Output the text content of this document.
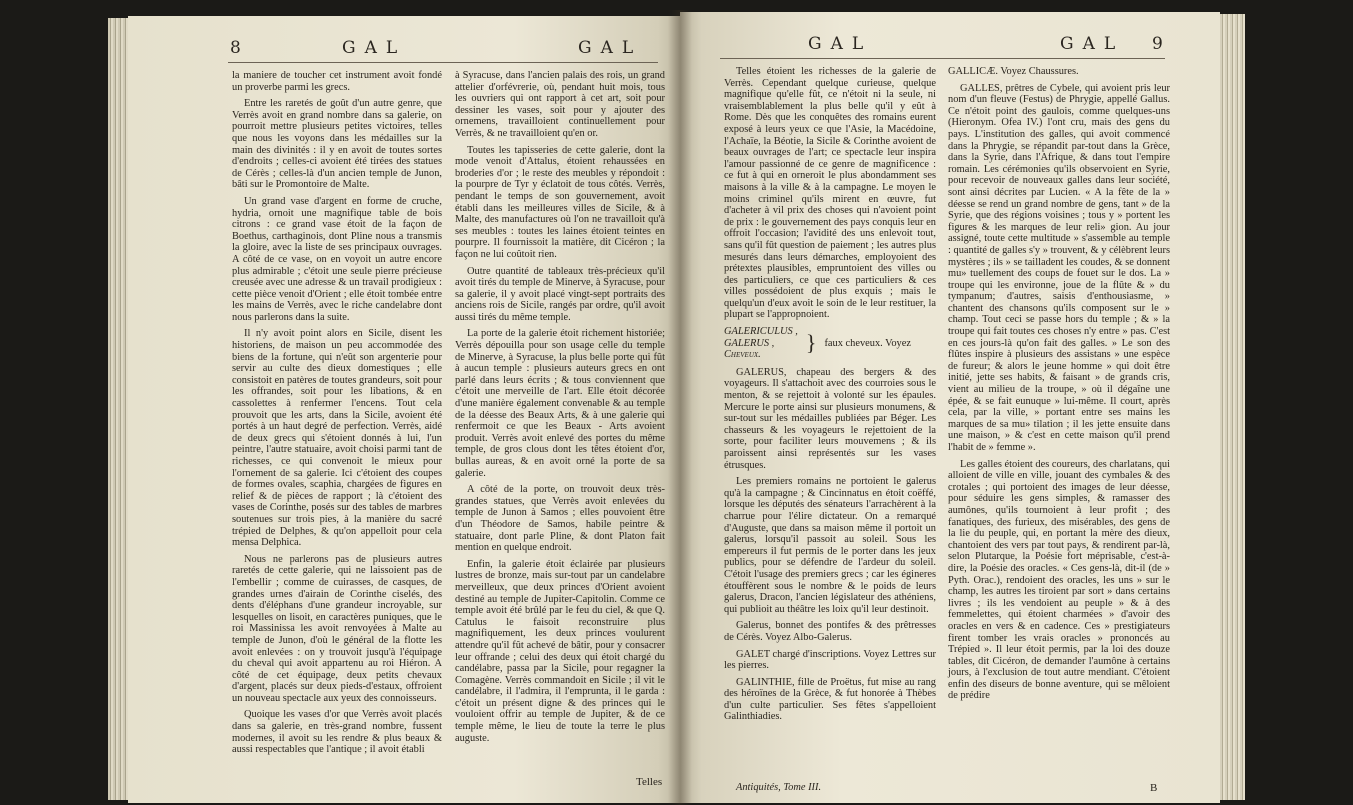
8	GAL	GAL

la maniere de toucher cet instrument avoit fondé un proverbe parmi les grecs.

Entre les raretés de goût d'un autre genre, que Verrès avoit en grand nombre dans sa galerie, on pourroit mettre plusieurs petites victoires, telles que nous les voyons dans les médailles sur la main des divinités : il y en avoit de toutes sortes d'endroits ; celles-ci avoient été tirées des statues de Cérès ; celles-là d'un ancien temple de Junon, bâti sur le Promontoire de Malte.

Un grand vase d'argent en forme de cruche, hydria, ornoit une magnifique table de bois citrons : ce grand vase étoit de la façon de Boethus, carthaginois, dont Pline nous a transmis la gloire, avec la liste de ses principaux ouvrages. A côté de ce vase, on en voyoit un autre encore plus admirable ; c'étoit une seule pierre précieuse creusée avec une adresse & un travail prodigieux : cette pièce venoit d'Orient ; elle étoit tombée entre les mains de Verrès, avec le riche candelabre dont nous parlerons dans la suite.

Il n'y avoit point alors en Sicile, disent les historiens, de maison un peu accommodée des biens de la fortune, qui n'eût son argenterie pour servir au culte des dieux domestiques ; elle consistoit en patères de toutes grandeurs, soit pour les offrandes, soit pour les libations, & en cassolettes à renfermer l'encens. Tout cela prouvoit que les arts, dans la Sicile, avoient été portés à un haut degré de perfection. Verrès, aidé de deux grecs qui s'étoient donnés à lui, l'un peintre, l'autre statuaire, avoit choisi parmi tant de richesses, ce qui convenoit le mieux pour l'ornement de sa galerie. Ici c'étoient des coupes de formes ovales, scaphia, chargées de figures en relief & de pièces de rapport ; là c'étoient des vases de Corinthe, posés sur des tables de marbres soutenues sur trois pies, à la manière du sacré trépied de Delphes, & qu'on appelloit pour cela mensa Delphica.

Nous ne parlerons pas de plusieurs autres raretés de cette galerie, qui ne laissoient pas de l'embellir ; comme de cuirasses, de casques, de grandes urnes d'airain de Corinthe ciselés, des dents d'éléphans d'une grandeur incroyable, sur lesquelles on lisoit, en caractères puniques, que le roi Massinissa les avoit renvoyées à Malte au temple de Junon, d'où le général de la flotte les avoit enlevées : on y trouvoit jusqu'à l'équipage du cheval qui avoit appartenu au roi Hiéron. A côté de cet équipage, deux petits chevaux d'argent, placés sur deux pieds-d'estaux, offroient un nouveau spectacle aux yeux des connoisseurs.

Quoique les vases d'or que Verrès avoit placés dans sa galerie, en très-grand nombre, fussent modernes, il avoit su les rendre & plus beaux & aussi respectables que l'antique ; il avoit établi

à Syracuse, dans l'ancien palais des rois, un grand attelier d'orfévrerie, où, pendant huit mois, tous les ouvriers qui ont rapport à cet art, soit pour dessiner les vases, soit pour y ajouter des ornemens, travailloient continuellement pour Verrès, & ne travailloient qu'en or.

Toutes les tapisseries de cette galerie, dont la mode venoit d'Attalus, étoient rehaussées en broderies d'or ; le reste des meubles y répondoit : la pourpre de Tyr y éclatoit de tous côtés. Verrès, pendant le temps de son gouvernement, avoit établi dans les meilleures villes de Sicile, & à Malte, des manufactures où l'on ne travailloit qu'à ses meubles : toutes les laines étoient teintes en pourpre. Il fournissoit la matière, dit Cicéron ; la façon ne lui coûtoit rien.

Outre quantité de tableaux très-précieux qu'il avoit tirés du temple de Minerve, à Syracuse, pour sa galerie, il y avoit placé vingt-sept portraits des anciens rois de Sicile, rangés par ordre, qu'il avoit aussi tirés du même temple.

La porte de la galerie étoit richement historiée; Verrès dépouilla pour son usage celle du temple de Minerve, à Syracuse, la plus belle porte qui fût à aucun temple : plusieurs auteurs grecs en ont parlé dans leurs écrits ; & tous conviennent que c'étoit une merveille de l'art. Elle étoit décorée d'une manière également convenable & au temple de la déesse des Beaux Arts, & à une galerie qui renfermoit ce que les Beaux - Arts avoient produit. Verrès avoit enlevé des portes du même temple, de gros clous dont les têtes étoient d'or, bullas aureas, & en avoit orné la porte de sa galerie.

A côté de la porte, on trouvoit deux très-grandes statues, que Verrès avoit enlevées du temple de Junon à Samos ; elles pouvoient être d'un Théodore de Samos, habile peintre & statuaire, dont parle Pline, & dont Platon fait mention en quelque endroit.

Enfin, la galerie étoit éclairée par plusieurs lustres de bronze, mais sur-tout par un candelabre merveilleux, que deux princes d'Orient avoient destiné au temple de Jupiter-Capitolin. Comme ce temple avoit été brûlé par le feu du ciel, & que Q. Catulus le faisoit reconstruire plus magnifiquement, les deux princes voulurent attendre qu'il fût achevé de bâtir, pour y consacrer leur offrande ; celui des deux qui étoit chargé du candélabre, passa par la Sicile, pour regagner la Comagène. Verrès commandoit en Sicile ; il vit le candélabre, il l'admira, il l'emprunta, il le garda : c'étoit un présent digne & des princes qui le vouloient offrir au temple de Jupiter, & de ce temple même, le lieu de toute la terre le plus auguste.

Telles
GAL	GAL 9

Telles étoient les richesses de la galerie de Verrès. Cependant quelque curieuse, quelque magnifique qu'elle fût, ce n'étoit ni la seule, ni vraisemblablement la plus belle qu'il y eût à Rome. Dès que les conquêtes des romains eurent exposé à leurs yeux ce que l'Asie, la Macédoine, l'Achaïe, la Béotie, la Sicile & Corinthe avoient de beaux ouvrages de l'art; ce spectacle leur inspira l'amour passionné de ce genre de magnificence : ce fut à qui en orneroit le plus abondamment ses maisons à la ville & à la campagne. Le moyen le moins criminel qu'ils mirent en œuvre, fut d'acheter à vil prix des choses qui n'avoient point de prix : le gouvernement des pays conquis leur en offroit l'occasion; l'avidité des uns enlevoit tout, sans qu'il fût question de paiement ; les autres plus mesurés dans leurs démarches, employoient des prétextes plausibles, empruntoient des villes ou des particuliers, ce que ces particuliers & ces villes possédoient de plus exquis ; mais le quelqu'un d'eux avoit le soin de le leur restituer, la plupart se l'appropnoient.

GALERICULUS ,
GALERUS ,
Cheveux.	} faux cheveux. Voyez

GALERUS, chapeau des bergers & des voyageurs. Il s'attachoit avec des courroies sous le menton, & se rejettoit à volonté sur les épaules. Mercure le porte ainsi sur plusieurs monumens, & sur-tout sur les médailles publiées par Béger. Les chasseurs & les voyageurs le rejettoient de la sorte, pour faciliter leurs mouvemens ; & ils paroissent ainsi représentés sur les vases étrusques.

Les premiers romains ne portoient le galerus qu'à la campagne ; & Cincinnatus en étoit coëffé, lorsque les députés des sénateurs l'arrachèrent à la charrue pour l'élire dictateur. On a remarqué d'Auguste, que dans sa maison même il portoit un galerus, lorsqu'il passoit au soleil. Sous les empereurs il fut permis de le porter dans les jeux publics, pour se défendre de l'ardeur du soleil. C'étoit l'usage des premiers grecs ; car les égineres étouffèrent sous le nombre & le poids de leurs galerus, Dracon, l'ancien législateur des athéniens, qui publioit au théâtre les loix qu'il leur destinoit.

Galerus, bonnet des pontifes & des prêtresses de Cérès. Voyez Albo-Galerus.

GALET chargé d'inscriptions. Voyez Lettres sur les pierres.

GALINTHIE, fille de Proëtus, fut mise au rang des héroïnes de la Grèce, & fut honorée à Thèbes d'un culte particulier. Ses fêtes s'appelloient Galinthiadies.

Antiquités, Tome III.

GALLICÆ. Voyez Chaussures.

GALLES, prêtres de Cybele, qui avoient pris leur nom d'un fleuve (Festus) de Phrygie, appellé Gallus. Ce n'étoit point des gaulois, comme quelques-uns (Hieronym. Ofea IV.) l'ont cru, mais des gens du pays. L'institution des galles, qui avoit commencé dans la Phrygie, se répandit par-tout dans la Grèce, dans la Syrie, dans l'Afrique, & dans tout l'empire romain. Les cérémonies qu'ils observoient en Syrie, pour recevoir de nouveaux galles dans leur société, sont ainsi décrites par Lucien. « A la fête de la » déesse se rend un grand nombre de gens, tant » de la Syrie, que des régions voisines ; tous y » portent les figures & les marques de leur reli» gion. Au jour assigné, toute cette multitude » s'assemble au temple : quantité de galles s'y » trouvent, & y célèbrent leurs mystères ; ils » se tailladent les coudes, & se donnent mu» tuellement des coups de fouet sur le dos. La » troupe qui les environne, joue de la flûte & » du tympanum; d'autres, saisis d'enthousiasme, » chantent des chansons qu'ils composent sur le » champ. Tout ceci se passe hors du temple ; & » la troupe qui fait toutes ces choses n'y entre » pas. C'est en ces jours-là qu'on fait des galles. » Le son des flûtes inspire à plusieurs des assistans » une espèce de fureur; & alors le jeune homme » qui doit être initié, jette ses habits, & faisant » de grands cris, vient au milieu de la troupe, » où il dégaîne une épée, & se fait eunuque » lui-même. Il court, après cela, par la ville, » portant entre ses mains les marques de sa mu» tilation ; il les jette ensuite dans une maison, » & c'est en cette maison qu'il prend l'habit de » femme ».

Les galles étoient des coureurs, des charlatans, qui alloient de ville en ville, jouant des cymbales & des crotales ; qui portoient des images de leur déesse, pour séduire les gens simples, & ramasser des aumônes, qu'ils tournoient à leur profit ; des fanatiques, des furieux, des misérables, des gens de la lie du peuple, qui, en portant la mère des dieux, chantoient des vers par tout pays, & rendirent par-là, selon Plutarque, la Poésie fort méprisable, c'est-à-dire, la Poésie des oracles. « Ces gens-là, dit-il (de » Pyth. Orac.), rendoient des oracles, les uns » sur le champ, les autres les tiroient par sort » dans certains livres ; ils les vendoient au peuple » & à des femmelettes, qui étoient charmées » d'avoir des oracles en vers & en cadence. Ces » prestigiateurs firent tomber les vrais oracles » prononcés au Trépied ». Il leur étoit permis, par la loi des douze tables, dit Cicéron, de demander l'aumône à certains jours, à l'exclusion de tout autre mendiant. C'étoient enfin des diseurs de bonne aventure, qui se mêloient de prédire

B
